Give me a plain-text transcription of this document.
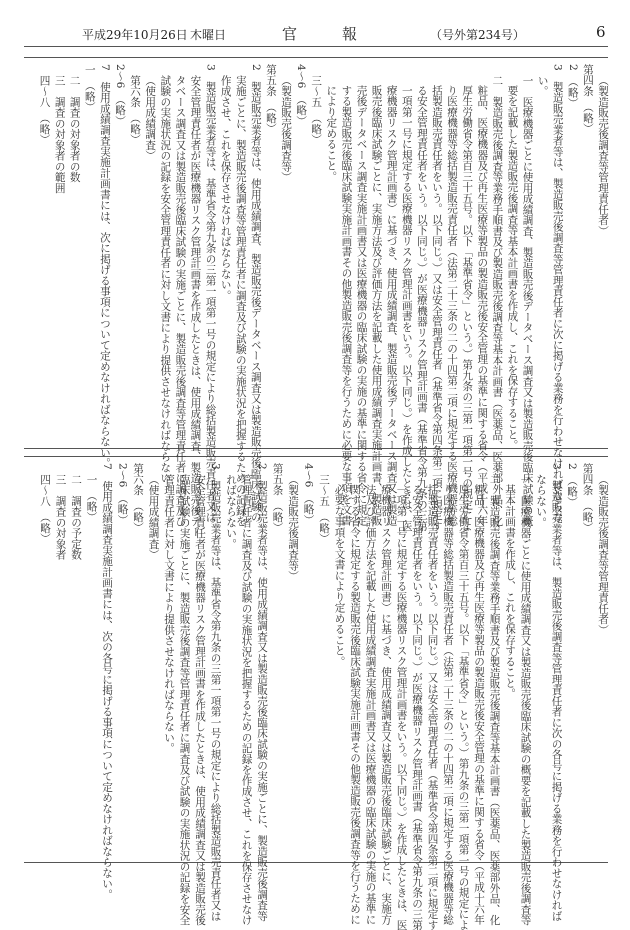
平成29年10月26日 木曜日	官	報	（号外第234号）	6
（製造販売後調査等管理責任者）
第四条　（略）
2　（略）
3　製造販売業者等は、製造販売後調査等管理責任者に次に掲げる業務を行わせなければならな
い。
一　医療機器ごとに使用成績調査、製造販売後データベース調査又は製造販売後臨床試験の概
要を記載した製造販売後調査等基本計画書を作成し、これを保存すること。
二　製造販売後調査等業務手順書及び製造販売後調査等基本計画書（医薬品、医薬部外品、化
粧品、医療機器及び再生医療等製品の製造販売後安全管理の基準に関する省令（平成十六年
厚生労働省令第百三十五号。以下「基準省令」という。）第九条の三第一項第一号の規定によ
り医療機器等総括製造販売責任者（法第二十三条の二の十四第二項に規定する医療機器等総
括製造販売責任者をいう。以下同じ。）又は安全管理責任者（基準省令第四条第二項に規定す
る安全管理責任者をいう。以下同じ。）が医療機器リスク管理計画書（基準省令第九条の三第
一項第一号に規定する医療機器リスク管理計画書をいう。以下同じ。）を作成したときは、医
療機器リスク管理計画書）に基づき、使用成績調査、製造販売後データベース調査又は製造
販売後臨床試験ごとに、実施方法及び評価方法を記載した使用成績調査実施計画書、製造販
売後データベース調査実施計画書又は医療機器の臨床試験の実施の基準に関する省令に規定
する製造販売後臨床試験実施計画書その他製造販売後調査等を行うために必要な事項を文書
により定めること。
三～五　（略）
4～6　（略）
（製造販売後調査等）
第五条　（略）
2　製造販売業者等は、使用成績調査、製造販売後データベース調査又は製造販売後臨床試験の
実施ごとに、製造販売後調査等管理責任者に調査及び試験の実施状況を把握するための記録を
作成させ、これを保存させなければならない。
3　製造販売業者等は、基準省令第九条の三第一項第一号の規定により総括製造販売責任者又は
安全管理責任者が医療機器リスク管理計画書を作成したときは、使用成績調査、製造販売後デー
タベース調査又は製造販売後臨床試験の実施ごとに、製造販売後調査等管理責任者に調査及び
試験の実施状況の記録を安全管理責任者に対し文書により提供させなければならない。
（使用成績調査）
第六条　（略）
2～6　（略）
7　使用成績調査実施計画書には、次に掲げる事項について定めなければならない。
一　（略）
二　調査の対象者の数
三　調査の対象者の範囲
四～八　（略）
（製造販売後調査等管理責任者）
第四条　（略）
2　（略）
3　製造販売業者等は、製造販売後調査等管理責任者に次の各号に掲げる業務を行わせなければ
ならない。
一　医療機器ごとに使用成績調査又は製造販売後臨床試験の概要を記載した製造販売後調査等
基本計画書を作成し、これを保存すること。
二　製造販売後調査等業務手順書及び製造販売後調査等基本計画書（医薬品、医薬部外品、化
粧品、医療機器及び再生医療等製品の製造販売後安全管理の基準に関する省令（平成十六年
厚生労働省令第百三十五号。以下「基準省令」という。）第九条の三第一項第一号の規定によ
り医療機器等総括製造販売責任者（法第二十三条の二の十四第二項に規定する医療機器等総
括製造販売責任者をいう。以下同じ。）又は安全管理責任者（基準省令第四条第二項に規定す
る安全管理責任者をいう。以下同じ。）が医療機器リスク管理計画書（基準省令第九条の三第
一項第一号に規定する医療機器リスク管理計画書をいう。以下同じ。）を作成したときは、医
療機器リスク管理計画書）に基づき、使用成績調査又は製造販売後臨床試験ごとに、実施方
法及び評価方法を記載した使用成績調査実施計画書又は医療機器の臨床試験の実施の基準に
関する省令に規定する製造販売後臨床試験実施計画書その他製造販売後調査等を行うために
必要な事項を文書により定めること。
三～五　（略）
4～6　（略）
（製造販売後調査等）
第五条　（略）
2　製造販売業者等は、使用成績調査又は製造販売後臨床試験の実施ごとに、製造販売後調査等
管理責任者に調査及び試験の実施状況を把握するための記録を作成させ、これを保存させなけ
ればならない。
3　製造販売業者等は、基準省令第九条の三第一項第一号の規定により総括製造販売責任者又は
安全管理責任者が医療機器リスク管理計画書を作成したときは、使用成績調査又は製造販売後
臨床試験の実施ごとに、製造販売後調査等管理責任者に調査及び試験の実施状況の記録を安全
管理責任者に対し文書により提供させなければならない。
（使用成績調査）
第六条　（略）
2～6　（略）
7　使用成績調査実施計画書には、次の各号に掲げる事項について定めなければならない。
一　（略）
二　調査の予定数
三　調査の対象者
四～八　（略）
